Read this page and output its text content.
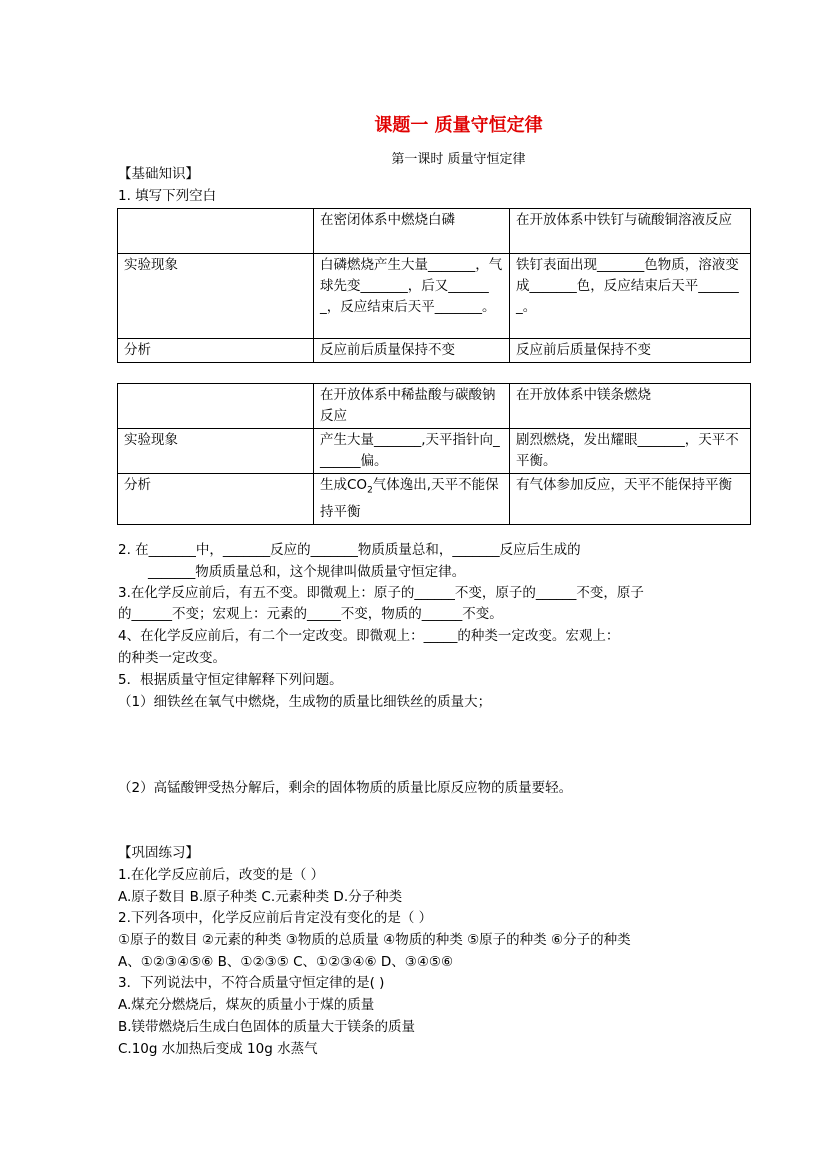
课题一 质量守恒定律
第一课时 质量守恒定律
【基础知识】
1. 填写下列空白
	在密闭体系中燃烧白磷	在开放体系中铁钉与硫酸铜溶液反应
实验现象	白磷燃烧产生大量_______，气球先变_______，后又_______，反应结束后天平_______。	铁钉表面出现_______色物质，溶液变成_______色，反应结束后天平_______。
分析	反应前后质量保持不变	反应前后质量保持不变
	在开放体系中稀盐酸与碳酸钠反应	在开放体系中镁条燃烧
实验现象	产生大量_______,天平指针向_______偏。	剧烈燃烧，发出耀眼_______，天平不平衡。
分析	生成$CO_2$气体逸出,天平不能保持平衡	有气体参加反应，天平不能保持平衡
2. 在_______中，_______反应的_______物质质量总和，_______反应后生成的
_______物质质量总和，这个规律叫做质量守恒定律。
3.在化学反应前后，有五不变。即微观上：原子的______不变，原子的______不变，原子
的______不变；宏观上：元素的_____不变，物质的______不变。
4、在化学反应前后，有二个一定改变。即微观上：_____的种类一定改变。宏观上：
的种类一定改变。
5．根据质量守恒定律解释下列问题。
（1）细铁丝在氧气中燃烧，生成物的质量比细铁丝的质量大；
（2）高锰酸钾受热分解后，剩余的固体物质的质量比原反应物的质量要轻。
【巩固练习】
1.在化学反应前后，改变的是（ ）
A.原子数目 B.原子种类 C.元素种类 D.分子种类
2.下列各项中，化学反应前后肯定没有变化的是（ ）
①原子的数目 ②元素的种类 ③物质的总质量 ④物质的种类 ⑤原子的种类 ⑥分子的种类
A、①②③④⑤⑥ B、①②③⑤ C、①②③④⑥ D、③④⑤⑥
3．下列说法中，不符合质量守恒定律的是( )
A.煤充分燃烧后，煤灰的质量小于煤的质量
B.镁带燃烧后生成白色固体的质量大于镁条的质量
C.10g 水加热后变成 10g 水蒸气
